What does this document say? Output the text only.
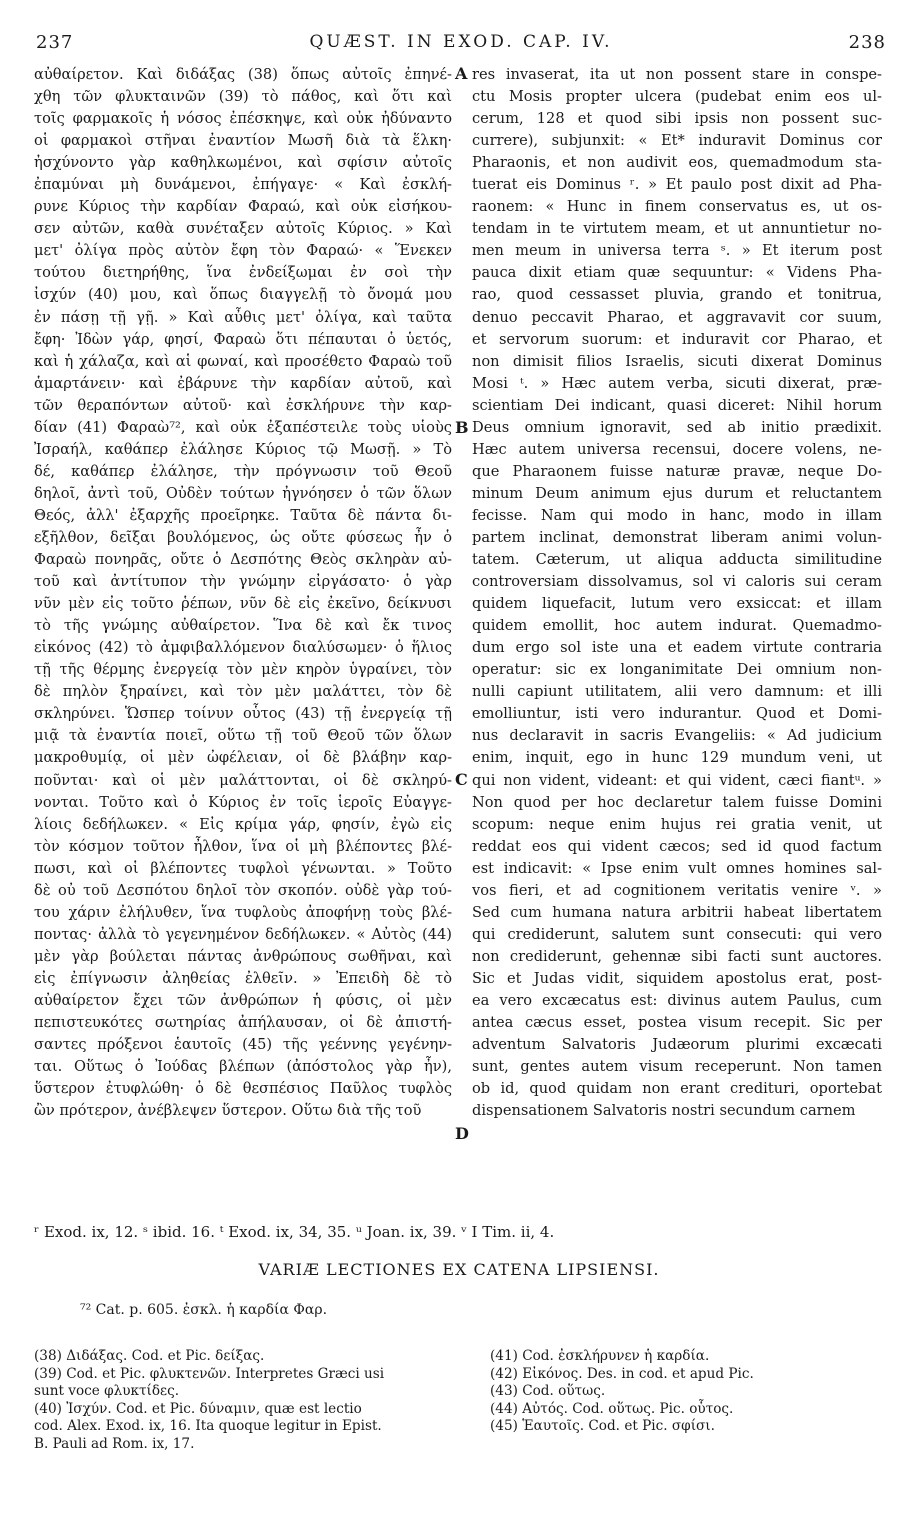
237	QUÆST. IN EXOD. CAP. IV.	238
αὐθαίρετον. Καὶ διδάξας (38) ὅπως αὐτοῖς ἐπηνέ-
χθη τῶν φλυκταινῶν (39) τὸ πάθος, καὶ ὅτι καὶ
τοῖς φαρμακοῖς ἡ νόσος ἐπέσκηψε, καὶ οὐκ ἠδύναντο
οἱ φαρμακοὶ στῆναι ἐναντίον Μωσῆ διὰ τὰ ἕλκη·
ἠσχύνοντο γὰρ καθηλκωμένοι, καὶ σφίσιν αὐτοῖς
ἐπαμύναι μὴ δυνάμενοι, ἐπήγαγε· « Καὶ ἐσκλή-
ρυνε Κύριος τὴν καρδίαν Φαραώ, καὶ οὐκ εἰσήκου-
σεν αὐτῶν, καθὰ συνέταξεν αὐτοῖς Κύριος. » Καὶ
μετ' ὀλίγα πρὸς αὐτὸν ἔφη τὸν Φαραώ· « Ἕνεκεν
τούτου διετηρήθης, ἵνα ἐνδείξωμαι ἐν σοὶ τὴν
ἰσχύν (40) μου, καὶ ὅπως διαγγελῇ τὸ ὄνομά μου
ἐν πάσῃ τῇ γῇ. » Καὶ αὖθις μετ' ὀλίγα, καὶ ταῦτα
ἔφη· Ἰδὼν γάρ, φησί, Φαραὼ ὅτι πέπαυται ὁ ὑετός,
καὶ ἡ χάλαζα, καὶ αἱ φωναί, καὶ προσέθετο Φαραὼ τοῦ
ἁμαρτάνειν· καὶ ἐβάρυνε τὴν καρδίαν αὐτοῦ, καὶ
τῶν θεραπόντων αὐτοῦ· καὶ ἐσκλήρυνε τὴν καρ-
δίαν (41) Φαραὼ⁷², καὶ οὐκ ἐξαπέστειλε τοὺς υἱοὺς
Ἰσραήλ, καθάπερ ἐλάλησε Κύριος τῷ Μωσῇ. » Τὸ
δέ, καθάπερ ἐλάλησε, τὴν πρόγνωσιν τοῦ Θεοῦ
δηλοῖ, ἀντὶ τοῦ, Οὐδὲν τούτων ἠγνόησεν ὁ τῶν ὅλων
Θεός, ἀλλ' ἐξαρχῆς προεῖρηκε. Ταῦτα δὲ πάντα δι-
εξῆλθον, δεῖξαι βουλόμενος, ὡς οὔτε φύσεως ἦν ὁ
Φαραὼ πονηρᾶς, οὔτε ὁ Δεσπότης Θεὸς σκληρὰν αὐ-
τοῦ καὶ ἀντίτυπον τὴν γνώμην εἰργάσατο· ὁ γὰρ
νῦν μὲν εἰς τοῦτο ῥέπων, νῦν δὲ εἰς ἐκεῖνο, δείκνυσι
τὸ τῆς γνώμης αὐθαίρετον. Ἵνα δὲ καὶ ἔκ τινος
εἰκόνος (42) τὸ ἀμφιβαλλόμενον διαλύσωμεν· ὁ ἥλιος
τῇ τῆς θέρμης ἐνεργείᾳ τὸν μὲν κηρὸν ὑγραίνει, τὸν
δὲ πηλὸν ξηραίνει, καὶ τὸν μὲν μαλάττει, τὸν δὲ
σκληρύνει. Ὥσπερ τοίνυν οὗτος (43) τῇ ἐνεργείᾳ τῇ
μιᾷ τὰ ἐναντία ποιεῖ, οὕτω τῇ τοῦ Θεοῦ τῶν ὅλων
μακροθυμίᾳ, οἱ μὲν ὠφέλειαν, οἱ δὲ βλάβην καρ-
ποῦνται· καὶ οἱ μὲν μαλάττονται, οἱ δὲ σκληρύ-
νονται. Τοῦτο καὶ ὁ Κύριος ἐν τοῖς ἱεροῖς Εὐαγγε-
λίοις δεδήλωκεν. « Εἰς κρίμα γάρ, φησίν, ἐγὼ εἰς
τὸν κόσμον τοῦτον ἦλθον, ἵνα οἱ μὴ βλέποντες βλέ-
πωσι, καὶ οἱ βλέποντες τυφλοὶ γένωνται. » Τοῦτο
δὲ οὐ τοῦ Δεσπότου δηλοῖ τὸν σκοπόν. οὐδὲ γὰρ τού-
του χάριν ἐλήλυθεν, ἵνα τυφλοὺς ἀποφήνῃ τοὺς βλέ-
ποντας· ἀλλὰ τὸ γεγενημένον δεδήλωκεν. « Αὐτὸς (44)
μὲν γὰρ βούλεται πάντας ἀνθρώπους σωθῆναι, καὶ
εἰς ἐπίγνωσιν ἀληθείας ἐλθεῖν. » Ἐπειδὴ δὲ τὸ
αὐθαίρετον ἔχει τῶν ἀνθρώπων ἡ φύσις, οἱ μὲν
πεπιστευκότες σωτηρίας ἀπήλαυσαν, οἱ δὲ ἀπιστή-
σαντες πρόξενοι ἑαυτοῖς (45) τῆς γεέννης γεγένην-
ται. Οὕτως ὁ Ἰούδας βλέπων (ἀπόστολος γὰρ ἦν),
ὕστερον ἐτυφλώθη· ὁ δὲ θεσπέσιος Παῦλος τυφλὸς
ὢν πρότερον, ἀνέβλεψεν ὕστερον. Οὕτω διὰ τῆς τοῦ
res invaserat, ita ut non possent stare in conspe-
ctu Mosis propter ulcera (pudebat enim eos ul-
cerum, 128 et quod sibi ipsis non possent suc-
currere), subjunxit: « Et* induravit Dominus cor
Pharaonis, et non audivit eos, quemadmodum sta-
tuerat eis Dominus ʳ. » Et paulo post dixit ad Pha-
raonem: « Hunc in finem conservatus es, ut os-
tendam in te virtutem meam, et ut annuntietur no-
men meum in universa terra ˢ. » Et iterum post
pauca dixit etiam quæ sequuntur: « Videns Pha-
rao, quod cessasset pluvia, grando et tonitrua,
denuo peccavit Pharao, et aggravavit cor suum,
et servorum suorum: et induravit cor Pharao, et
non dimisit filios Israelis, sicuti dixerat Dominus
Mosi ᵗ. » Hæc autem verba, sicuti dixerat, præ-
scientiam Dei indicant, quasi diceret: Nihil horum
Deus omnium ignoravit, sed ab initio prædixit.
Hæc autem universa recensui, docere volens, ne-
que Pharaonem fuisse naturæ pravæ, neque Do-
minum Deum animum ejus durum et reluctantem
fecisse. Nam qui modo in hanc, modo in illam
partem inclinat, demonstrat liberam animi volun-
tatem. Cæterum, ut aliqua adducta similitudine
controversiam dissolvamus, sol vi caloris sui ceram
quidem liquefacit, lutum vero exsiccat: et illam
quidem emollit, hoc autem indurat. Quemadmo-
dum ergo sol iste una et eadem virtute contraria
operatur: sic ex longanimitate Dei omnium non-
nulli capiunt utilitatem, alii vero damnum: et illi
emolliuntur, isti vero indurantur. Quod et Domi-
nus declaravit in sacris Evangeliis: « Ad judicium
enim, inquit, ego in hunc 129 mundum veni, ut
qui non vident, videant: et qui vident, cæci fiantᵘ. »
Non quod per hoc declaretur talem fuisse Domini
scopum: neque enim hujus rei gratia venit, ut
reddat eos qui vident cæcos; sed id quod factum
est indicavit: « Ipse enim vult omnes homines sal-
vos fieri, et ad cognitionem veritatis venire ᵛ. »
Sed cum humana natura arbitrii habeat libertatem
qui crediderunt, salutem sunt consecuti: qui vero
non crediderunt, gehennæ sibi facti sunt auctores.
Sic et Judas vidit, siquidem apostolus erat, post-
ea vero excæcatus est: divinus autem Paulus, cum
antea cæcus esset, postea visum recepit. Sic per
adventum Salvatoris Judæorum plurimi excæcati
sunt, gentes autem visum receperunt. Non tamen
ob id, quod quidam non erant credituri, oportebat
dispensationem Salvatoris nostri secundum carnem
A
B
C
D
ʳ Exod. ix, 12. ˢ ibid. 16. ᵗ Exod. ix, 34, 35. ᵘ Joan. ix, 39. ᵛ I Tim. ii, 4.
VARIÆ LECTIONES EX CATENA LIPSIENSI.
⁷² Cat. p. 605. ἐσκλ. ἡ καρδία Φαρ.
(38) Διδάξας. Cod. et Pic. δείξας.
(39) Cod. et Pic. φλυκτενῶν. Interpretes Græci usi
sunt voce φλυκτίδες.
(40) Ἰσχύν. Cod. et Pic. δύναμιν, quæ est lectio
cod. Alex. Exod. ix, 16. Ita quoque legitur in Epist.
B. Pauli ad Rom. ix, 17.
(41) Cod. ἐσκλήρυνεν ἡ καρδία.
(42) Εἰκόνος. Des. in cod. et apud Pic.
(43) Cod. οὕτως.
(44) Αὐτός. Cod. οὕτως. Pic. οὗτος.
(45) Ἑαυτοῖς. Cod. et Pic. σφίσι.
